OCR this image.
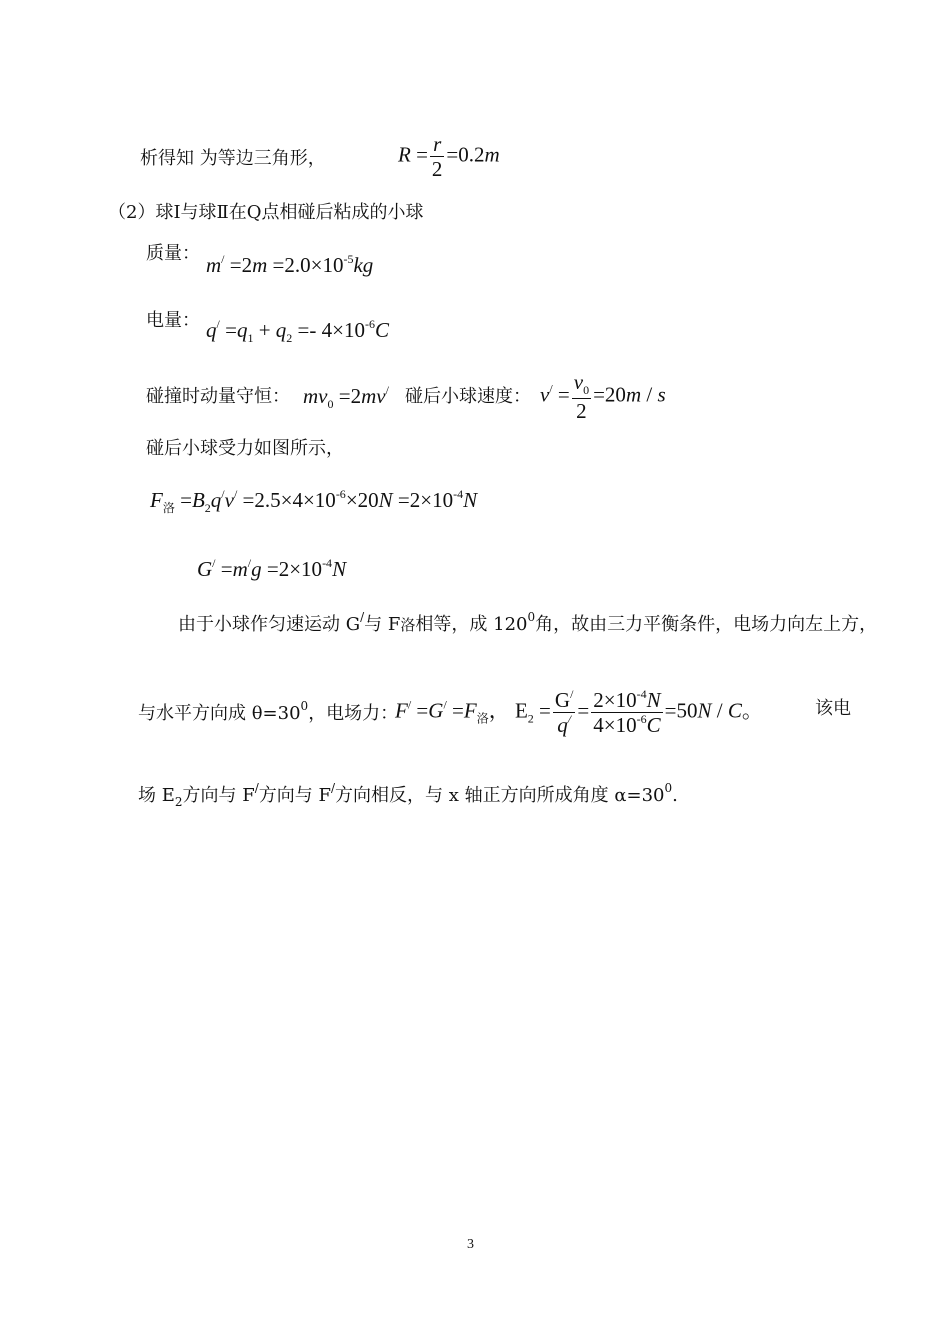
析得知 为等边三角形，	$R = \frac{r}{2} =0.2m$
（2）球Ⅰ与球Ⅱ在Q点相碰后粘成的小球
质量： $m^/ =2m =2.0\times 10^{-5}kg$
电量： $q^/ =q_1 + q_2 =- 4\times 10^{-6}C$
碰撞时动量守恒： $mv_0 =2mv^/$ 碰后小球速度： $v^/ = \frac{v_0}{2} =20m / s$
碰后小球受力如图所示，
$F_洛 =B_2q^/v^/ =2.5\times 4\times 10^{-6}\times 20N =2\times 10^{-4}N$
$G^/ =m^/g =2\times 10^{-4}N$
由于小球作匀速运动 G/与 F洛相等，成 $120^0$角，故由三力平衡条件，电场力向左上方，
与水平方向成 $\theta=30^0$，电场力：
$F^/ =G^/ =F_洛$， $E_2 = \frac{G^/}{q^/} = \frac{2\times 10^{-4}N}{4\times 10^{-6}C} =50N / C$。	该电
场 $E_2$方向与 F/方向与 F/方向相反，与 x 轴正方向所成角度 $\alpha=30^0$.
3
